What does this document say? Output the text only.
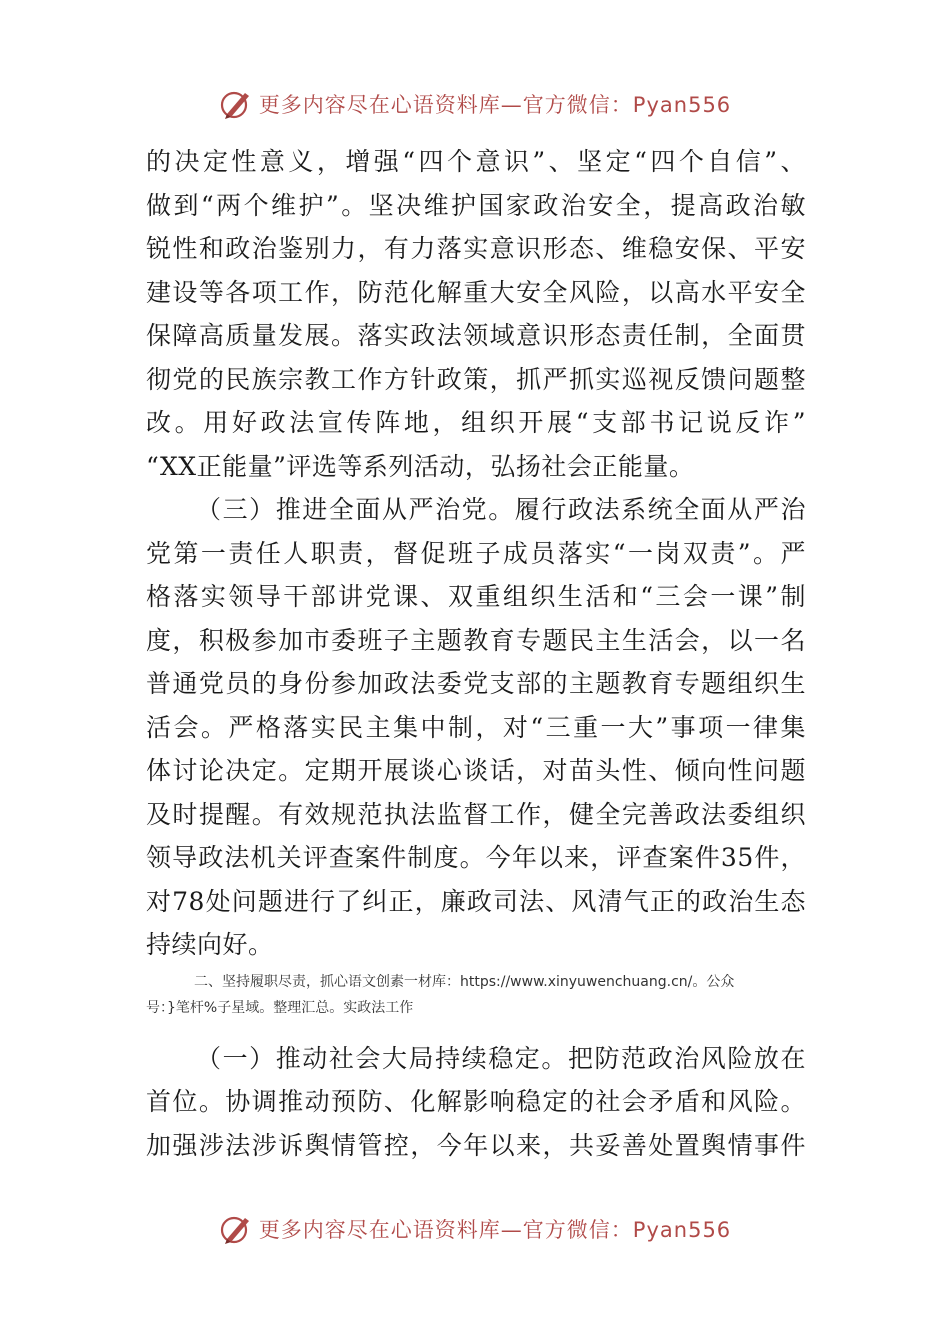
更多内容尽在心语资料库—官方微信：Pyan556
的决定性意义，增强“四个意识”、坚定“四个自信”、
做到“两个维护”。坚决维护国家政治安全，提高政治敏
锐性和政治鉴别力，有力落实意识形态、维稳安保、平安
建设等各项工作，防范化解重大安全风险，以高水平安全
保障高质量发展。落实政法领域意识形态责任制，全面贯
彻党的民族宗教工作方针政策，抓严抓实巡视反馈问题整
改。用好政法宣传阵地，组织开展“支部书记说反诈”
“XX正能量”评选等系列活动，弘扬社会正能量。
（三）推进全面从严治党。履行政法系统全面从严治
党第一责任人职责，督促班子成员落实“一岗双责”。严
格落实领导干部讲党课、双重组织生活和“三会一课”制
度，积极参加市委班子主题教育专题民主生活会，以一名
普通党员的身份参加政法委党支部的主题教育专题组织生
活会。严格落实民主集中制，对“三重一大”事项一律集
体讨论决定。定期开展谈心谈话，对苗头性、倾向性问题
及时提醒。有效规范执法监督工作，健全完善政法委组织
领导政法机关评查案件制度。今年以来，评查案件35件，
对78处问题进行了纠正，廉政司法、风清气正的政治生态
持续向好。
二、坚持履职尽责，抓心语文创素一材库：https://www.xinyuwenchuang.cn/。公众
号：}笔杆%子星域。整理汇总。实政法工作
（一）推动社会大局持续稳定。把防范政治风险放在
首位。协调推动预防、化解影响稳定的社会矛盾和风险。
加强涉法涉诉舆情管控，今年以来，共妥善处置舆情事件
更多内容尽在心语资料库—官方微信：Pyan556
